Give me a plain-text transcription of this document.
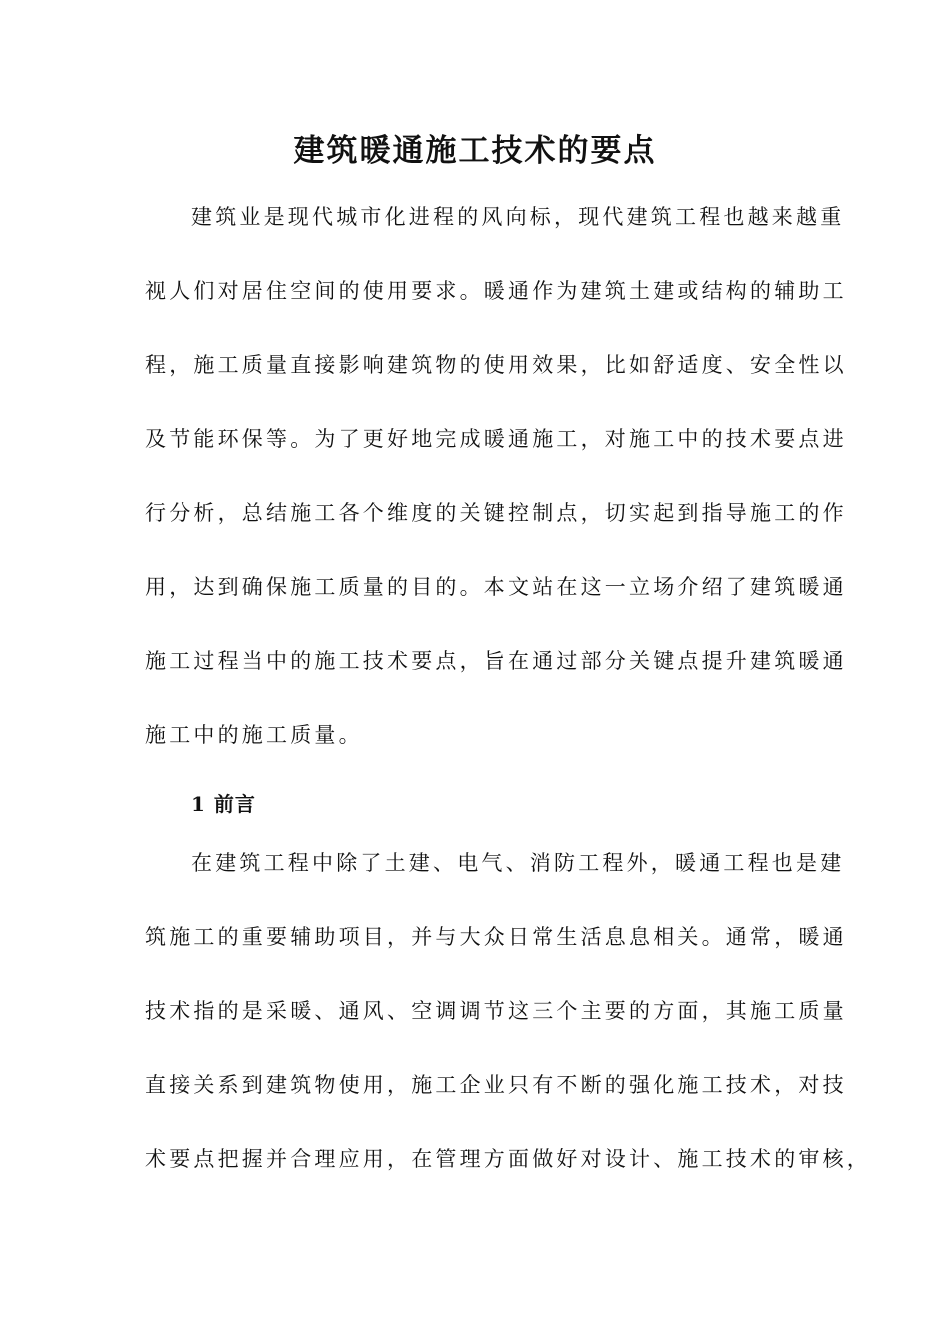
建筑暖通施工技术的要点
建筑业是现代城市化进程的风向标，现代建筑工程也越来越重
视人们对居住空间的使用要求。暖通作为建筑土建或结构的辅助工
程，施工质量直接影响建筑物的使用效果，比如舒适度、安全性以
及节能环保等。为了更好地完成暖通施工，对施工中的技术要点进
行分析，总结施工各个维度的关键控制点，切实起到指导施工的作
用，达到确保施工质量的目的。本文站在这一立场介绍了建筑暖通
施工过程当中的施工技术要点，旨在通过部分关键点提升建筑暖通
施工中的施工质量。
1 前言
在建筑工程中除了土建、电气、消防工程外，暖通工程也是建
筑施工的重要辅助项目，并与大众日常生活息息相关。通常，暖通
技术指的是采暖、通风、空调调节这三个主要的方面，其施工质量
直接关系到建筑物使用，施工企业只有不断的强化施工技术，对技
术要点把握并合理应用，在管理方面做好对设计、施工技术的审核，
